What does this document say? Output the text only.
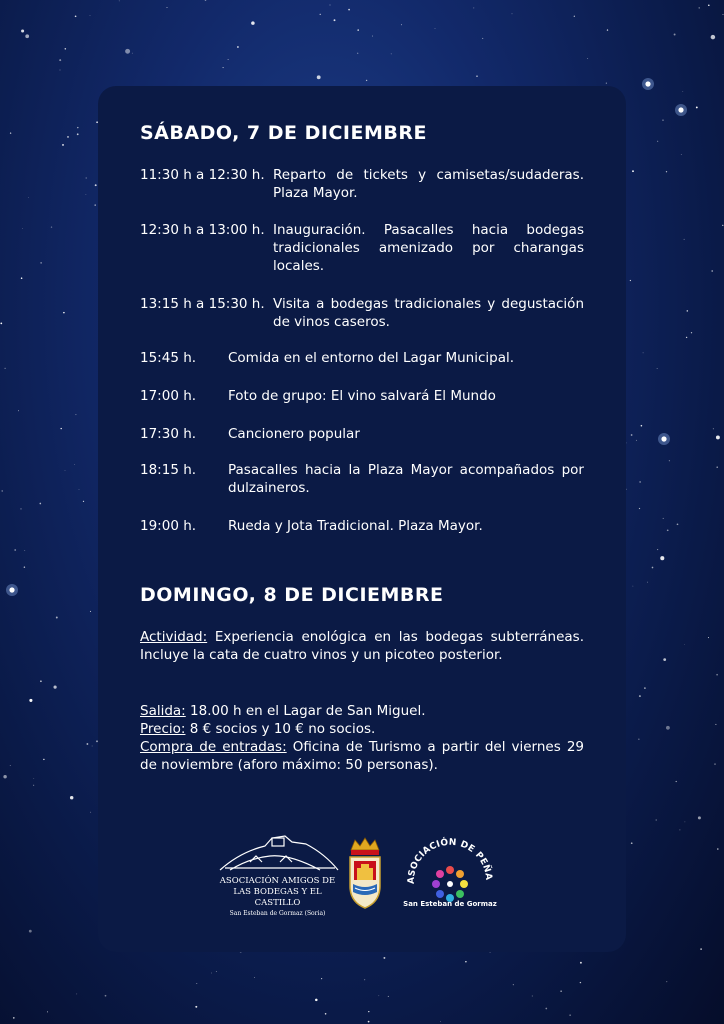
SÁBADO, 7 DE DICIEMBRE
11:30 h a 12:30 h. Reparto de tickets y camisetas/sudaderas. Plaza Mayor.
12:30 h a 13:00 h. Inauguración. Pasacalles hacia bodegas tradicionales amenizado por charangas locales.
13:15 h a 15:30 h. Visita a bodegas tradicionales y degustación de vinos caseros.
15:45 h. Comida en el entorno del Lagar Municipal.
17:00 h. Foto de grupo: El vino salvará El Mundo
17:30 h. Cancionero popular
18:15 h. Pasacalles hacia la Plaza Mayor acompañados por dulzaineros.
19:00 h. Rueda y Jota Tradicional. Plaza Mayor.
DOMINGO, 8 DE DICIEMBRE
Actividad: Experiencia enológica en las bodegas subterráneas. Incluye la cata de cuatro vinos y un picoteo posterior.
Salida: 18.00 h en el Lagar de San Miguel.
Precio: 8 € socios y 10 € no socios.
Compra de entradas: Oficina de Turismo a partir del viernes 29 de noviembre (aforo máximo: 50 personas).
ASOCIACIÓN AMIGOS DE
LAS BODEGAS Y EL CASTILLO
San Esteban de Gormaz (Soria)
ASOCIACIÓN DE PEÑA
San Esteban de Gormaz
